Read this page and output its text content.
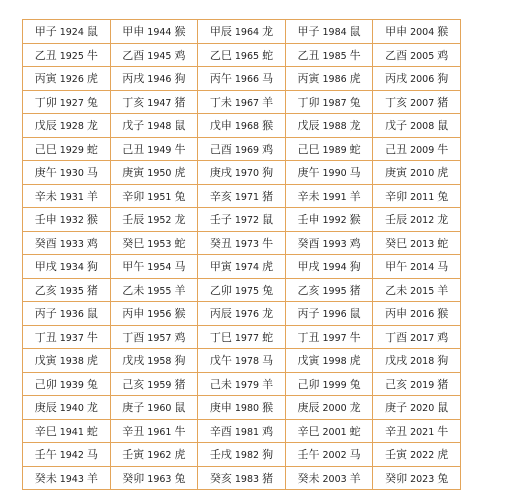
甲子 1924 鼠	甲申 1944 猴	甲辰 1964 龙	甲子 1984 鼠	甲申 2004 猴
乙丑 1925 牛	乙酉 1945 鸡	乙巳 1965 蛇	乙丑 1985 牛	乙酉 2005 鸡
丙寅 1926 虎	丙戌 1946 狗	丙午 1966 马	丙寅 1986 虎	丙戌 2006 狗
丁卯 1927 兔	丁亥 1947 猪	丁未 1967 羊	丁卯 1987 兔	丁亥 2007 猪
戊辰 1928 龙	戊子 1948 鼠	戊申 1968 猴	戊辰 1988 龙	戊子 2008 鼠
己巳 1929 蛇	己丑 1949 牛	己酉 1969 鸡	己巳 1989 蛇	己丑 2009 牛
庚午 1930 马	庚寅 1950 虎	庚戌 1970 狗	庚午 1990 马	庚寅 2010 虎
辛未 1931 羊	辛卯 1951 兔	辛亥 1971 猪	辛未 1991 羊	辛卯 2011 兔
壬申 1932 猴	壬辰 1952 龙	壬子 1972 鼠	壬申 1992 猴	壬辰 2012 龙
癸酉 1933 鸡	癸巳 1953 蛇	癸丑 1973 牛	癸酉 1993 鸡	癸巳 2013 蛇
甲戌 1934 狗	甲午 1954 马	甲寅 1974 虎	甲戌 1994 狗	甲午 2014 马
乙亥 1935 猪	乙未 1955 羊	乙卯 1975 兔	乙亥 1995 猪	乙未 2015 羊
丙子 1936 鼠	丙申 1956 猴	丙辰 1976 龙	丙子 1996 鼠	丙申 2016 猴
丁丑 1937 牛	丁酉 1957 鸡	丁巳 1977 蛇	丁丑 1997 牛	丁酉 2017 鸡
戊寅 1938 虎	戊戌 1958 狗	戊午 1978 马	戊寅 1998 虎	戊戌 2018 狗
己卯 1939 兔	己亥 1959 猪	己未 1979 羊	己卯 1999 兔	己亥 2019 猪
庚辰 1940 龙	庚子 1960 鼠	庚申 1980 猴	庚辰 2000 龙	庚子 2020 鼠
辛巳 1941 蛇	辛丑 1961 牛	辛酉 1981 鸡	辛巳 2001 蛇	辛丑 2021 牛
壬午 1942 马	壬寅 1962 虎	壬戌 1982 狗	壬午 2002 马	壬寅 2022 虎
癸未 1943 羊	癸卯 1963 兔	癸亥 1983 猪	癸未 2003 羊	癸卯 2023 兔
